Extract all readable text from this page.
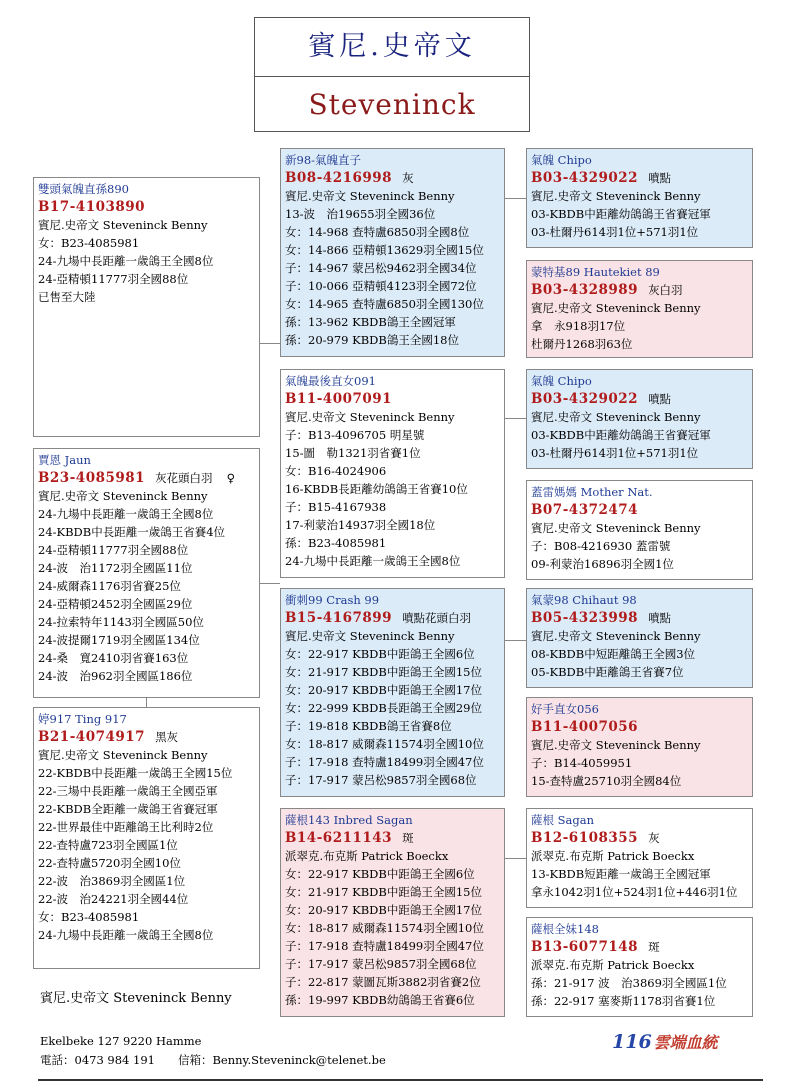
賓尼.史帝文
Steveninck
雙頭氣魄直孫890
B17-4103890
賓尼.史帝文 Steveninck Benny
女：B23-4085981
24-九場中長距離一歲鴿王全國8位
24-亞精頓11777羽全國88位
已售至大陸
新98-氣魄直子
B08-4216998 灰
賓尼.史帝文 Steveninck Benny
13-波　治19655羽全國36位
女：14-968 查特盧6850羽全國8位
女：14-866 亞精頓13629羽全國15位
子：14-967 蒙呂松9462羽全國34位
子：10-066 亞精頓4123羽全國72位
女：14-965 查特盧6850羽全國130位
孫：13-962 KBDB鴿王全國冠軍
孫：20-979 KBDB鴿王全國18位
氣魄最後直女091
B11-4007091
賓尼.史帝文 Steveninck Benny
子：B13-4096705 明星號
15-圖　勒1321羽省賽1位
女：B16-4024906
16-KBDB長距離幼鴿鴿王省賽10位
子：B15-4167938
17-利蒙治14937羽全國18位
孫：B23-4085981
24-九場中長距離一歲鴿王全國8位
氣魄 Chipo
B03-4329022 噴點
賓尼.史帝文 Steveninck Benny
03-KBDB中距離幼鴿鴿王省賽冠軍
03-杜爾丹614羽1位+571羽1位
蒙特基89 Hautekiet 89
B03-4328989 灰白羽
賓尼.史帝文 Steveninck Benny
拿　永918羽17位
杜爾丹1268羽63位
氣魄 Chipo
B03-4329022 噴點
賓尼.史帝文 Steveninck Benny
03-KBDB中距離幼鴿鴿王省賽冠軍
03-杜爾丹614羽1位+571羽1位
蓋雷媽媽 Mother Nat.
B07-4372474
賓尼.史帝文 Steveninck Benny
子：B08-4216930 蓋雷號
09-利蒙治16896羽全國1位
賈恩 Jaun
B23-4085981 灰花頭白羽 ♀
賓尼.史帝文 Steveninck Benny
24-九場中長距離一歲鴿王全國8位
24-KBDB中長距離一歲鴿王省賽4位
24-亞精頓11777羽全國88位
24-波　治1172羽全國區11位
24-威爾森1176羽省賽25位
24-亞精頓2452羽全國區29位
24-拉索特年1143羽全國區50位
24-波提爾1719羽全國區134位
24-桑　寬2410羽省賽163位
24-波　治962羽全國區186位
衝刺99 Crash 99
B15-4167899 噴點花頭白羽
賓尼.史帝文 Steveninck Benny
女：22-917 KBDB中距鴿王全國6位
女：21-917 KBDB中距鴿王全國15位
女：20-917 KBDB中距鴿王全國17位
女：22-999 KBDB長距鴿王全國29位
子：19-818 KBDB鴿王省賽8位
女：18-817 威爾森11574羽全國10位
子：17-918 查特盧18499羽全國47位
子：17-917 蒙呂松9857羽全國68位
氣蒙98 Chihaut 98
B05-4323998 噴點
賓尼.史帝文 Steveninck Benny
08-KBDB中短距離鴿王全國3位
05-KBDB中距離鴿王省賽7位
好手直女056
B11-4007056
賓尼.史帝文 Steveninck Benny
子：B14-4059951
15-查特盧25710羽全國84位
婷917 Ting 917
B21-4074917 黑灰
賓尼.史帝文 Steveninck Benny
22-KBDB中長距離一歲鴿王全國15位
22-三場中長距離一歲鴿王全國亞軍
22-KBDB全距離一歲鴿王省賽冠軍
22-世界最佳中距離鴿王比利時2位
22-查特盧723羽全國區1位
22-查特盧5720羽全國10位
22-波　治3869羽全國區1位
22-波　治24221羽全國44位
女：B23-4085981
24-九場中長距離一歲鴿王全國8位
薩根143 Inbred Sagan
B14-6211143 斑
派翠克.布克斯 Patrick Boeckx
女：22-917 KBDB中距鴿王全國6位
女：21-917 KBDB中距鴿王全國15位
女：20-917 KBDB中距鴿王全國17位
女：18-817 威爾森11574羽全國10位
子：17-918 查特盧18499羽全國47位
子：17-917 蒙呂松9857羽全國68位
子：22-817 蒙圖瓦斯3882羽省賽2位
孫：19-997 KBDB幼鴿鴿王省賽6位
薩根 Sagan
B12-6108355 灰
派翠克.布克斯 Patrick Boeckx
13-KBDB短距離一歲鴿王全國冠軍
拿永1042羽1位+524羽1位+446羽1位
薩根全妹148
B13-6077148 斑
派翠克.布克斯 Patrick Boeckx
孫：21-917 波　治3869羽全國區1位
孫：22-917 塞麥斯1178羽省賽1位
賓尼.史帝文 Steveninck Benny
Ekelbeke 127 9220 Hamme
電話：0473 984 191　　信箱：Benny.Steveninck@telenet.be
116 雲端血統
